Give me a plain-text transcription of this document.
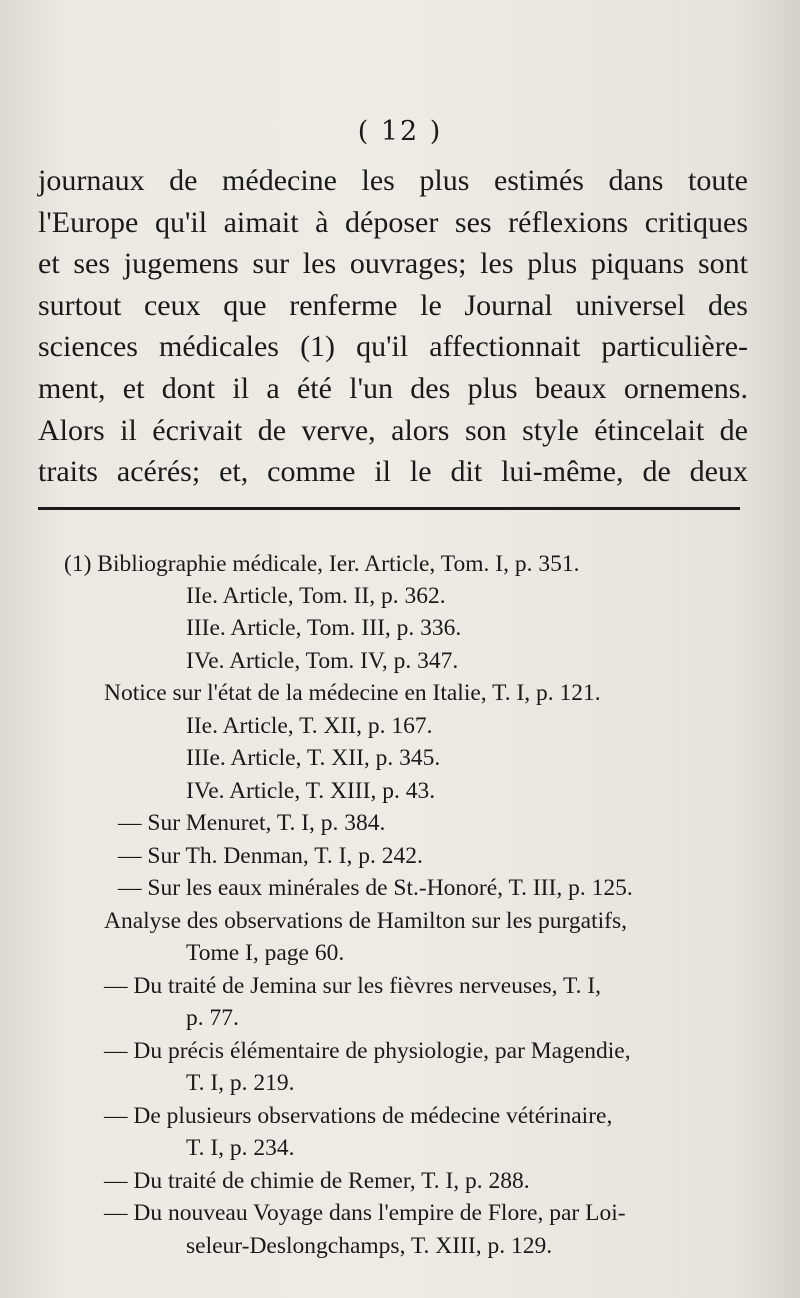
( 12 )
journaux de médecine les plus estimés dans toute
l'Europe qu'il aimait à déposer ses réflexions critiques
et ses jugemens sur les ouvrages; les plus piquans sont
surtout ceux que renferme le Journal universel des
sciences médicales (1) qu'il affectionnait particulière-
ment, et dont il a été l'un des plus beaux ornemens.
Alors il écrivait de verve, alors son style étincelait de
traits acérés; et, comme il le dit lui-même, de deux
(1) Bibliographie médicale, Ier. Article, Tom. I, p. 351.
IIe. Article, Tom. II, p. 362.
IIIe. Article, Tom. III, p. 336.
IVe. Article, Tom. IV, p. 347.
Notice sur l'état de la médecine en Italie, T. I, p. 121.
IIe. Article, T. XII, p. 167.
IIIe. Article, T. XII, p. 345.
IVe. Article, T. XIII, p. 43.
— Sur Menuret, T. I, p. 384.
— Sur Th. Denman, T. I, p. 242.
— Sur les eaux minérales de St.-Honoré, T. III, p. 125.
Analyse des observations de Hamilton sur les purgatifs,
Tome I, page 60.
— Du traité de Jemina sur les fièvres nerveuses, T. I,
p. 77.
— Du précis élémentaire de physiologie, par Magendie,
T. I, p. 219.
— De plusieurs observations de médecine vétérinaire,
T. I, p. 234.
— Du traité de chimie de Remer, T. I, p. 288.
— Du nouveau Voyage dans l'empire de Flore, par Loi-
seleur-Deslongchamps, T. XIII, p. 129.
